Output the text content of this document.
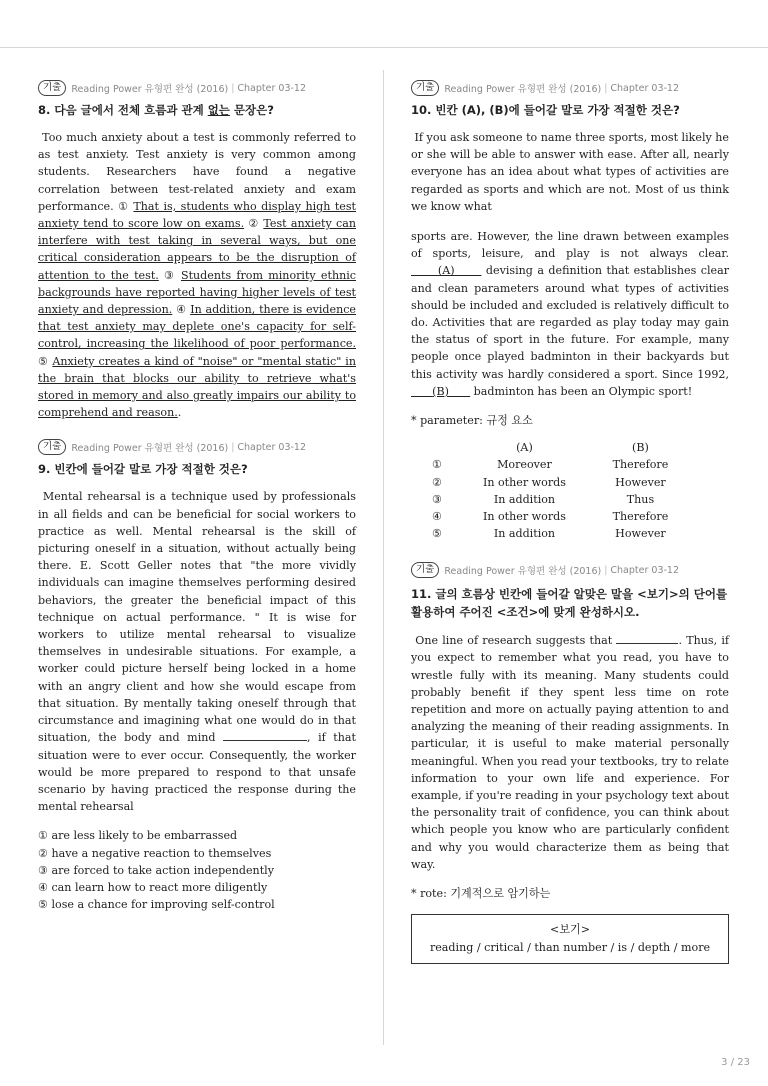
기출	Reading Power 유형편 완성 (2016) | Chapter 03-12
8. 다음 글에서 전체 흐름과 관계 없는 문장은?

Too much anxiety about a test is commonly referred to as test anxiety. Test anxiety is very common among students. Researchers have found a negative correlation between test-related anxiety and exam performance. ① That is, students who display high test anxiety tend to score low on exams. ② Test anxiety can interfere with test taking in several ways, but one critical consideration appears to be the disruption of attention to the test. ③ Students from minority ethnic backgrounds have reported having higher levels of test anxiety and depression. ④ In addition, there is evidence that test anxiety may deplete one's capacity for self-control, increasing the likelihood of poor performance. ⑤ Anxiety creates a kind of "noise" or "mental static" in the brain that blocks our ability to retrieve what's stored in memory and also greatly impairs our ability to comprehend and reason..

기출	Reading Power 유형편 완성 (2016) | Chapter 03-12
9. 빈칸에 들어갈 말로 가장 적절한 것은?

Mental rehearsal is a technique used by professionals in all fields and can be beneficial for social workers to practice as well. Mental rehearsal is the skill of picturing oneself in a situation, without actually being there. E. Scott Geller notes that "the more vividly individuals can imagine themselves performing desired behaviors, the greater the beneficial impact of this technique on actual performance. " It is wise for workers to utilize mental rehearsal to visualize themselves in undesirable situations. For example, a worker could picture herself being locked in a home with an angry client and how she would escape from that situation. By mentally taking oneself through that circumstance and imagining what one would do in that situation, the body and mind	, if that situation were to ever occur. Consequently, the worker would be more prepared to respond to that unsafe scenario by having practiced the response during the mental rehearsal

① are less likely to be embarrassed
② have a negative reaction to themselves
③ are forced to take action independently
④ can learn how to react more diligently
⑤ lose a chance for improving self-control
기출	Reading Power 유형편 완성 (2016) | Chapter 03-12
10. 빈칸 (A), (B)에 들어갈 말로 가장 적절한 것은?

If you ask someone to name three sports, most likely he or she will be able to answer with ease. After all, nearly everyone has an idea about what types of activities are regarded as sports and which are not. Most of us think we know what

sports are. However, the line drawn between examples of sports, leisure, and play is not always clear.       (A)       devising a definition that establishes clear and clean parameters around what types of activities should be included and excluded is relatively difficult to do. Activities that are regarded as play today may gain the status of sport in the future. For example, many people once played badminton in their backyards but this activity was hardly considered a sport. Since 1992,       (B)       badminton has been an Olympic sport!

* parameter: 규정 요소
	(A)	(B)
①	Moreover	Therefore
②	In other words	However
③	In addition	Thus
④	In other words	Therefore
⑤	In addition	However
기출	Reading Power 유형편 완성 (2016) | Chapter 03-12
11. 글의 흐름상 빈칸에 들어갈 알맞은 말을 <보기>의 단어를 활용하여 주어진 <조건>에 맞게 완성하시오.

One line of research suggests that	. Thus, if you expect to remember what you read, you have to wrestle fully with its meaning. Many students could probably benefit if they spent less time on rote repetition and more on actually paying attention to and analyzing the meaning of their reading assignments. In particular, it is useful to make material personally meaningful. When you read your textbooks, try to relate information to your own life and experience. For example, if you're reading in your psychology text about the personality trait of confidence, you can think about which people you know who are particularly confident and why you would characterize them as being that way.

* rote: 기계적으로 암기하는
<보기>
reading / critical / than number / is / depth / more
3 / 23
